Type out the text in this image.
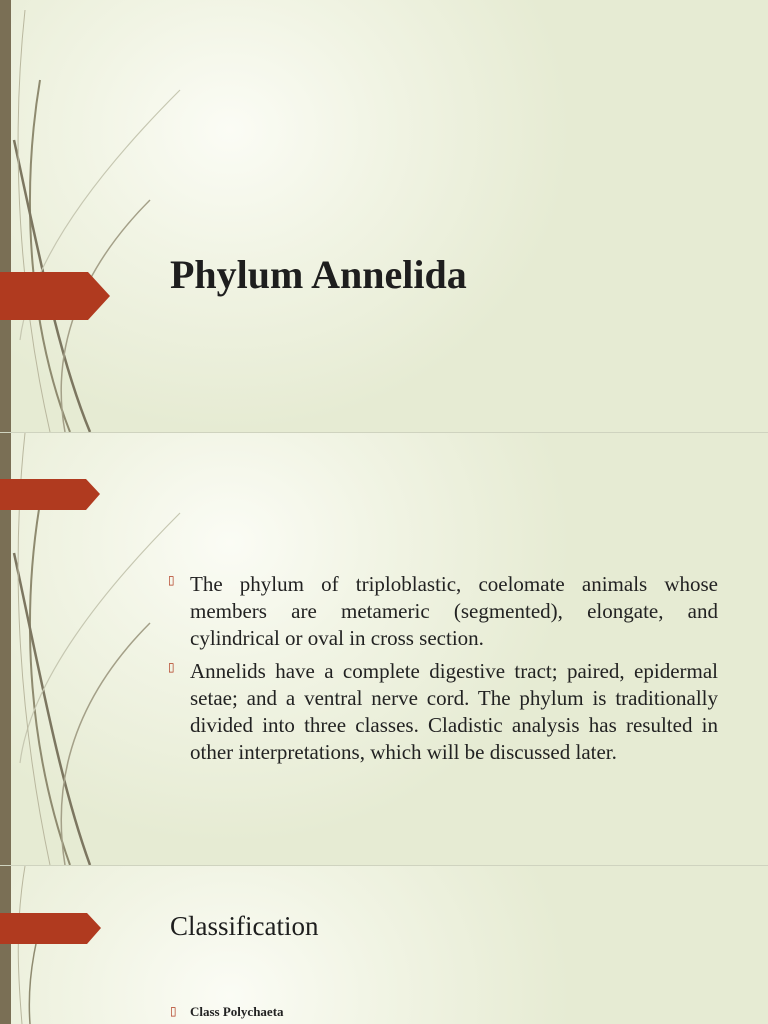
Phylum Annelida
▯ The phylum of triploblastic, coelomate animals whose members are metameric (segmented), elongate, and cylindrical or oval in cross section.
▯ Annelids have a complete digestive tract; paired, epidermal setae; and a ventral nerve cord. The phylum is traditionally divided into three classes. Cladistic analysis has resulted in other interpretations, which will be discussed later.
Classification

▯ Class Polychaeta
